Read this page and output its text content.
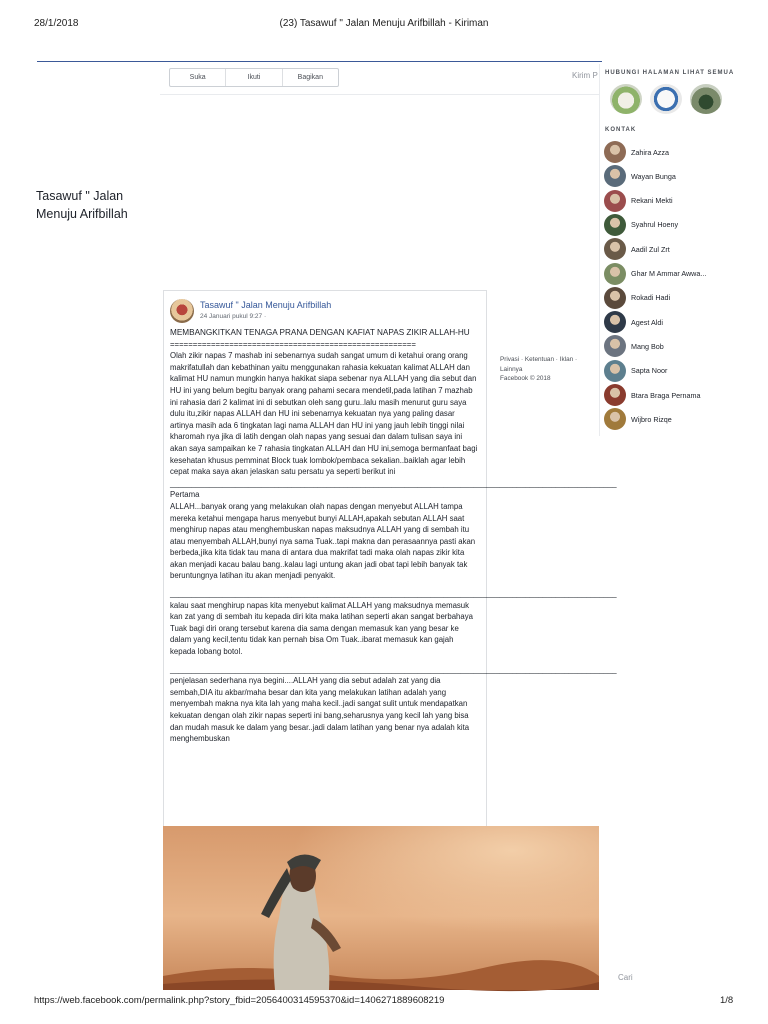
28/1/2018	(23) Tasawuf " Jalan Menuju Arifbillah - Kiriman
Suka	Ikuti	Bagikan	Kirim P
Tasawuf " Jalan Menuju Arifbillah
Tasawuf " Jalan Menuju Arifbillah
24 Januari pukul 9:27 ·

MEMBANGKITKAN TENAGA PRANA DENGAN KAFIAT NAPAS ZIKIR ALLAH-HU

======================================================

Olah zikir napas 7 mashab ini sebenarnya sudah sangat umum di ketahui orang orang makrifatullah dan kebathinan yaitu menggunakan rahasia kekuatan kalimat ALLAH dan kalimat HU namun mungkin hanya hakikat siapa sebenar nya ALLAH yang dia sebut dan HU ini yang belum begitu banyak orang pahami secara mendetil,pada latihan 7 mazhab ini rahasia dari 2 kalimat ini di sebutkan oleh sang guru..lalu masih menurut guru saya dulu itu,zikir napas ALLAH dan HU ini sebenarnya kekuatan nya yang paling dasar artinya masih ada 6 tingkatan lagi nama ALLAH dan HU ini yang jauh lebih tinggi nilai kharomah nya jika di latih dengan olah napas yang sesuai dan dalam tulisan saya ini akan saya sampaikan ke 7 rahasia tingkatan ALLAH dan HU ini,semoga bermanfaat bagi kesehatan khusus pemminat Block tuak lombok/pembaca sekalian..baiklah agar lebih cepat maka saya akan jelaskan satu persatu ya seperti berikut ini

_______________________________________________________________________________________________________

Pertama

ALLAH...banyak orang yang melakukan olah napas dengan menyebut ALLAH tampa mereka ketahui mengapa harus menyebut bunyi ALLAH,apakah sebutan ALLAH saat menghirup napas atau menghembuskan napas maksudnya ALLAH yang di sembah itu atau menyembah ALLAH,bunyi nya sama Tuak..tapi makna dan perasaannya pasti akan berbeda,jika kita tidak tau mana di antara dua makrifat tadi maka olah napas zikir kita akan menjadi kacau balau bang..kalau lagi untung akan jadi obat tapi lebih banyak tak beruntungnya latihan itu akan menjadi penyakit.

_______________________________________________________________________________________________________

kalau saat menghirup napas kita menyebut kalimat ALLAH yang maksudnya memasuk kan zat yang di sembah itu kepada diri kita maka latihan seperti akan sangat berbahaya Tuak bagi diri orang tersebut karena dia sama dengan memasuk kan yang besar ke dalam yang kecil,tentu tidak kan pernah bisa Om Tuak..ibarat memasuk kan gajah kepada lobang botol.

_______________________________________________________________________________________________________

penjelasan sederhana nya begini....ALLAH yang dia sebut adalah zat yang dia sembah,DIA itu akbar/maha besar dan kita yang melakukan latihan adalah yang menyembah makna nya kita lah yang maha kecil..jadi sangat sulit untuk mendapatkan kekuatan dengan olah zikir napas seperti ini bang,seharusnya yang kecil lah yang bisa dan mudah masuk ke dalam yang besar..jadi dalam latihan yang benar nya adalah kita menghembuskan

Privasi · Ketentuan · Iklan · Lainnya
Facebook © 2018
HUBUNGI HALAMAN LIHAT SEMUA
KONTAK
Zahira Azza
Wayan Bunga
Rekani Mekti
Syahrul Hoeny
Aadil Zul Zrt
Ghar M Ammar Awwa...
Rokadi Hadi
Agest Aldi
Mang Bob
Sapta Noor
Btara Braga Pernama
Wijbro Rizqe
Cari
https://web.facebook.com/permalink.php?story_fbid=2056400314595370&id=1406271889608219	1/8
